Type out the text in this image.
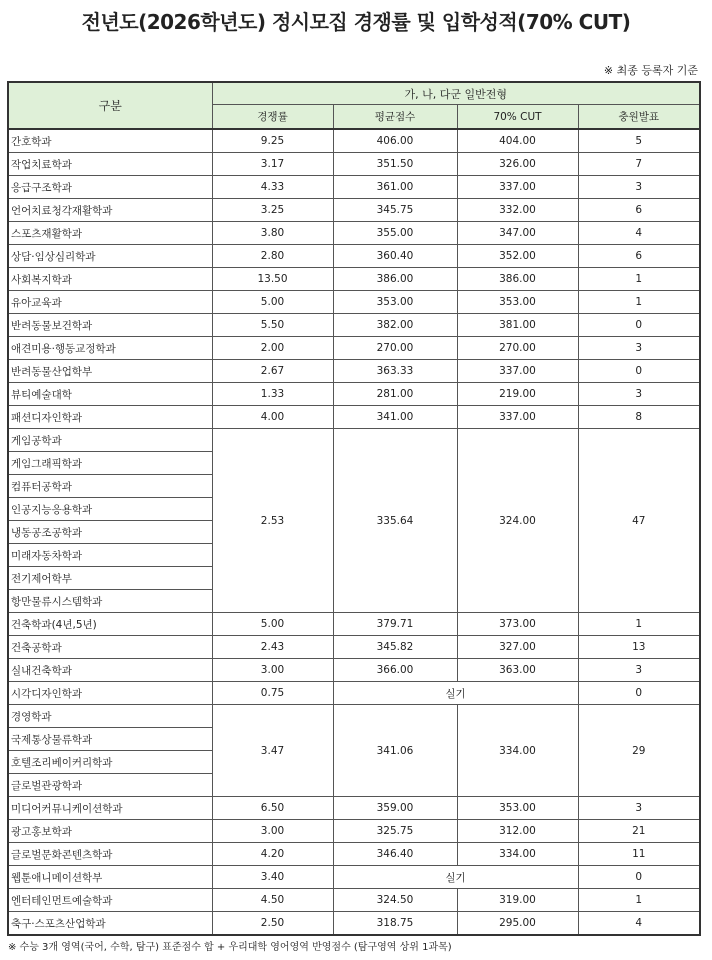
전년도(2026학년도) 정시모집 경쟁률 및 입학성적(70% CUT)
※ 최종 등록자 기준
구분	가, 나, 다군 일반전형			
	경쟁률	평균점수	70% CUT	충원발표
간호학과	9.25	406.00	404.00	5
작업치료학과	3.17	351.50	326.00	7
응급구조학과	4.33	361.00	337.00	3
언어치료청각재활학과	3.25	345.75	332.00	6
스포츠재활학과	3.80	355.00	347.00	4
상담·임상심리학과	2.80	360.40	352.00	6
사회복지학과	13.50	386.00	386.00	1
유아교육과	5.00	353.00	353.00	1
반려동물보건학과	5.50	382.00	381.00	0
애견미용·행동교정학과	2.00	270.00	270.00	3
반려동물산업학부	2.67	363.33	337.00	0
뷰티예술대학	1.33	281.00	219.00	3
패션디자인학과	4.00	341.00	337.00	8
게임공학과	2.53	335.64	324.00	47
게임그래픽학과				
컴퓨터공학과				
인공지능응용학과				
냉동공조공학과				
미래자동차학과				
전기제어학부				
항만물류시스템학과				
건축학과(4년,5년)	5.00	379.71	373.00	1
건축공학과	2.43	345.82	327.00	13
실내건축학과	3.00	366.00	363.00	3
시각디자인학과	0.75	실기		0
경영학과	3.47	341.06	334.00	29
국제통상물류학과				
호텔조리베이커리학과				
글로벌관광학과				
미디어커뮤니케이션학과	6.50	359.00	353.00	3
광고홍보학과	3.00	325.75	312.00	21
글로벌문화콘텐츠학과	4.20	346.40	334.00	11
웹툰애니메이션학부	3.40	실기		0
엔터테인먼트예술학과	4.50	324.50	319.00	1
축구·스포츠산업학과	2.50	318.75	295.00	4
※ 수능 3개 영역(국어, 수학, 탐구) 표준점수 합 + 우리대학 영어영역 반영점수 (탐구영역 상위 1과목)
